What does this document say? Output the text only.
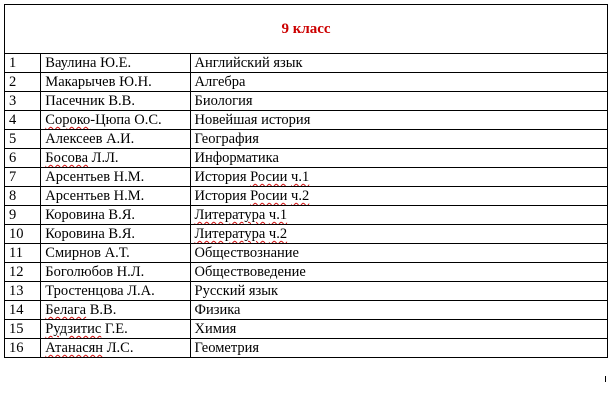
9 класс		
1	Ваулина Ю.Е.	Английский язык
2	Макарычев Ю.Н.	Алгебра
3	Пасечник В.В.	Биология
4	Сороко-Цюпа О.С.	Новейшая история
5	Алексеев А.И.	География
6	Босова Л.Л.	Информатика
7	Арсентьев Н.М.	История Росии ч.1
8	Арсентьев Н.М.	История Росии ч.2
9	Коровина В.Я.	Литература ч.1
10	Коровина В.Я.	Литература ч.2
11	Смирнов А.Т.	Обществознание
12	Боголюбов Н.Л.	Обществоведение
13	Тростенцова Л.А.	Русский язык
14	Белага В.В.	Физика
15	Рудзитис Г.Е.	Химия
16	Атанасян Л.С.	Геометрия
